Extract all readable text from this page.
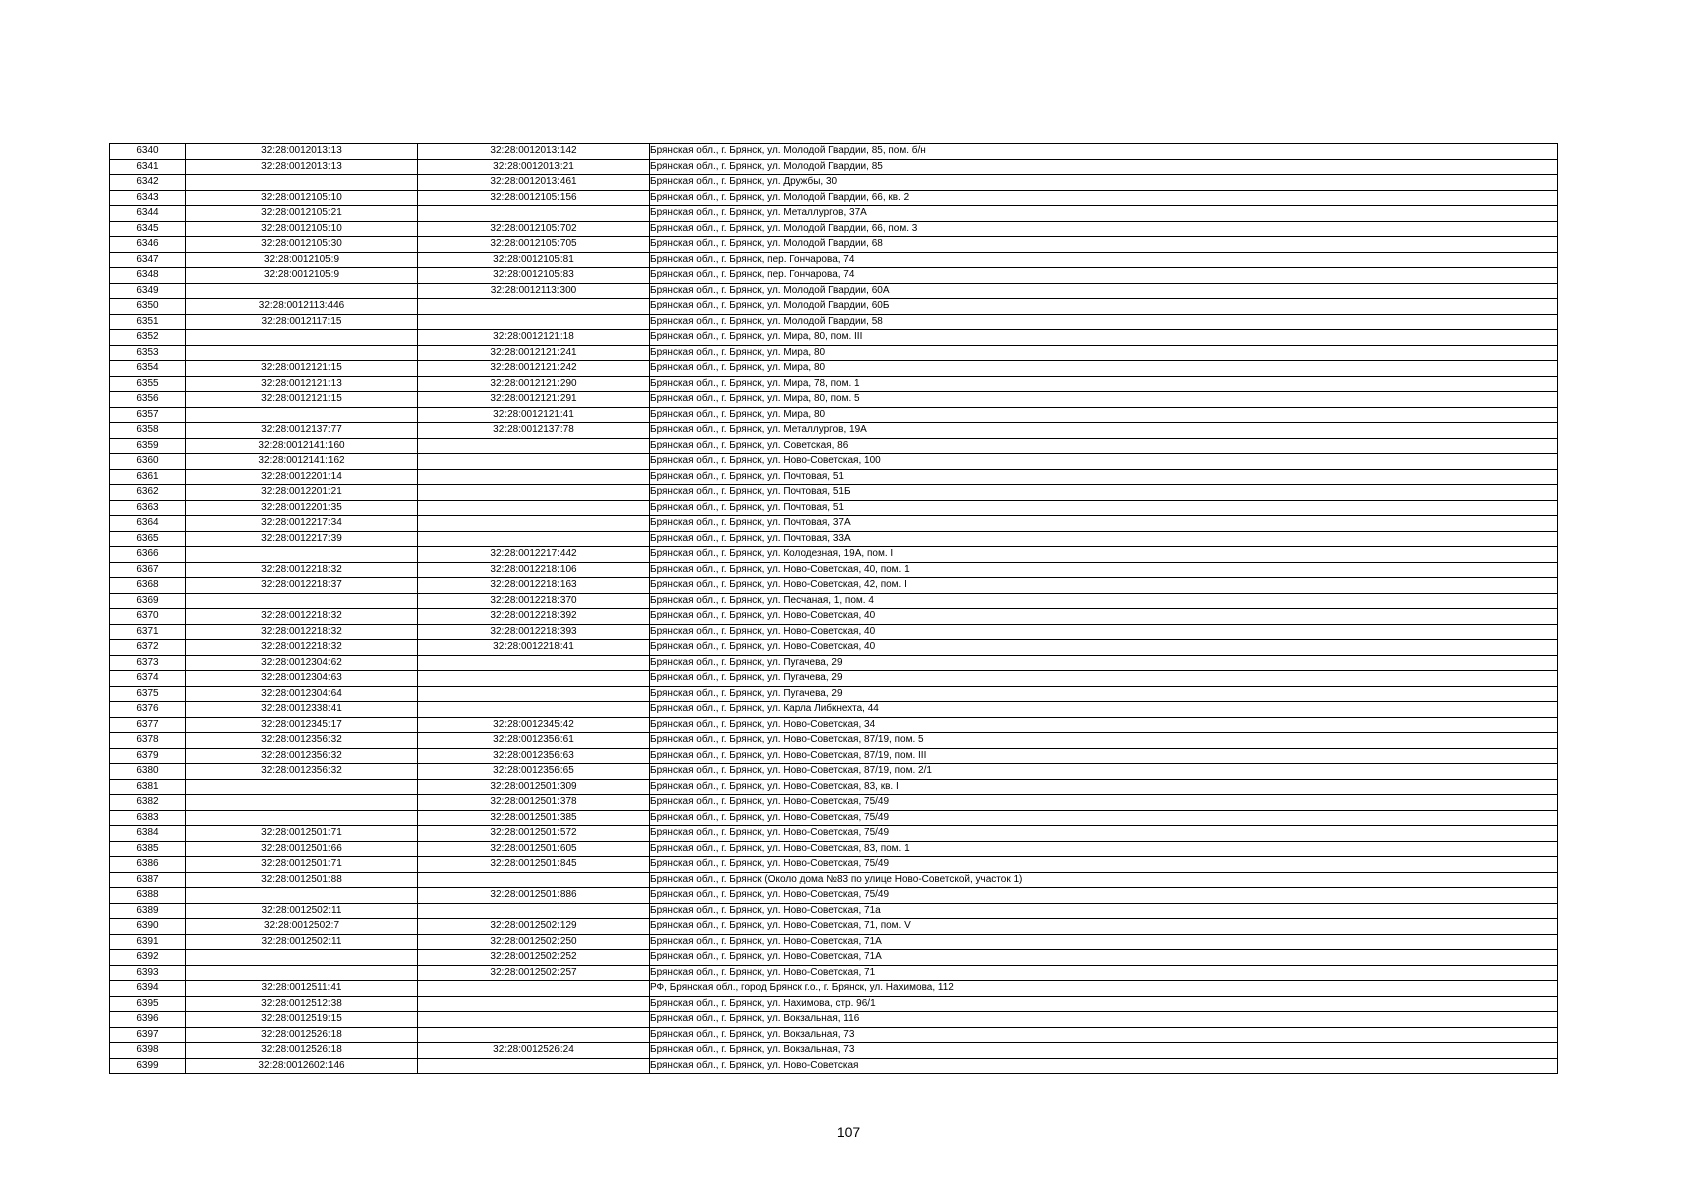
6340	32:28:0012013:13	32:28:0012013:142	Брянская обл., г. Брянск, ул. Молодой Гвардии, 85, пом. б/н
6341	32:28:0012013:13	32:28:0012013:21	Брянская обл., г. Брянск, ул. Молодой Гвардии, 85
6342		32:28:0012013:461	Брянская обл., г. Брянск, ул. Дружбы, 30
6343	32:28:0012105:10	32:28:0012105:156	Брянская обл., г. Брянск, ул. Молодой Гвардии, 66, кв. 2
6344	32:28:0012105:21		Брянская обл., г. Брянск, ул. Металлургов, 37А
6345	32:28:0012105:10	32:28:0012105:702	Брянская обл., г. Брянск, ул. Молодой Гвардии, 66, пом. 3
6346	32:28:0012105:30	32:28:0012105:705	Брянская обл., г. Брянск, ул. Молодой Гвардии, 68
6347	32:28:0012105:9	32:28:0012105:81	Брянская обл., г. Брянск, пер. Гончарова, 74
6348	32:28:0012105:9	32:28:0012105:83	Брянская обл., г. Брянск, пер. Гончарова, 74
6349		32:28:0012113:300	Брянская обл., г. Брянск, ул. Молодой Гвардии, 60А
6350	32:28:0012113:446		Брянская обл., г. Брянск, ул. Молодой Гвардии, 60Б
6351	32:28:0012117:15		Брянская обл., г. Брянск, ул. Молодой Гвардии, 58
6352		32:28:0012121:18	Брянская обл., г. Брянск, ул. Мира, 80, пом. III
6353		32:28:0012121:241	Брянская обл., г. Брянск, ул. Мира, 80
6354	32:28:0012121:15	32:28:0012121:242	Брянская обл., г. Брянск, ул. Мира, 80
6355	32:28:0012121:13	32:28:0012121:290	Брянская обл., г. Брянск, ул. Мира, 78, пом. 1
6356	32:28:0012121:15	32:28:0012121:291	Брянская обл., г. Брянск, ул. Мира, 80, пом. 5
6357		32:28:0012121:41	Брянская обл., г. Брянск, ул. Мира, 80
6358	32:28:0012137:77	32:28:0012137:78	Брянская обл., г. Брянск, ул. Металлургов, 19А
6359	32:28:0012141:160		Брянская обл., г. Брянск, ул. Советская, 86
6360	32:28:0012141:162		Брянская обл., г. Брянск, ул. Ново-Советская, 100
6361	32:28:0012201:14		Брянская обл., г. Брянск, ул. Почтовая, 51
6362	32:28:0012201:21		Брянская обл., г. Брянск, ул. Почтовая, 51Б
6363	32:28:0012201:35		Брянская обл., г. Брянск, ул. Почтовая, 51
6364	32:28:0012217:34		Брянская обл., г. Брянск, ул. Почтовая, 37А
6365	32:28:0012217:39		Брянская обл., г. Брянск, ул. Почтовая, 33А
6366		32:28:0012217:442	Брянская обл., г. Брянск, ул. Колодезная, 19А, пом. I
6367	32:28:0012218:32	32:28:0012218:106	Брянская обл., г. Брянск, ул. Ново-Советская, 40, пом. 1
6368	32:28:0012218:37	32:28:0012218:163	Брянская обл., г. Брянск, ул. Ново-Советская, 42, пом. I
6369		32:28:0012218:370	Брянская обл., г. Брянск, ул. Песчаная, 1, пом. 4
6370	32:28:0012218:32	32:28:0012218:392	Брянская обл., г. Брянск, ул. Ново-Советская, 40
6371	32:28:0012218:32	32:28:0012218:393	Брянская обл., г. Брянск, ул. Ново-Советская, 40
6372	32:28:0012218:32	32:28:0012218:41	Брянская обл., г. Брянск, ул. Ново-Советская, 40
6373	32:28:0012304:62		Брянская обл., г. Брянск, ул. Пугачева, 29
6374	32:28:0012304:63		Брянская обл., г. Брянск, ул. Пугачева, 29
6375	32:28:0012304:64		Брянская обл., г. Брянск, ул. Пугачева, 29
6376	32:28:0012338:41		Брянская обл., г. Брянск, ул. Карла Либкнехта, 44
6377	32:28:0012345:17	32:28:0012345:42	Брянская обл., г. Брянск, ул. Ново-Советская, 34
6378	32:28:0012356:32	32:28:0012356:61	Брянская обл., г. Брянск, ул. Ново-Советская, 87/19, пом. 5
6379	32:28:0012356:32	32:28:0012356:63	Брянская обл., г. Брянск, ул. Ново-Советская, 87/19, пом. III
6380	32:28:0012356:32	32:28:0012356:65	Брянская обл., г. Брянск, ул. Ново-Советская, 87/19, пом. 2/1
6381		32:28:0012501:309	Брянская обл., г. Брянск, ул. Ново-Советская, 83, кв. I
6382		32:28:0012501:378	Брянская обл., г. Брянск, ул. Ново-Советская, 75/49
6383		32:28:0012501:385	Брянская обл., г. Брянск, ул. Ново-Советская, 75/49
6384	32:28:0012501:71	32:28:0012501:572	Брянская обл., г. Брянск, ул. Ново-Советская, 75/49
6385	32:28:0012501:66	32:28:0012501:605	Брянская обл., г. Брянск, ул. Ново-Советская, 83, пом. 1
6386	32:28:0012501:71	32:28:0012501:845	Брянская обл., г. Брянск, ул. Ново-Советская, 75/49
6387	32:28:0012501:88		Брянская обл., г. Брянск (Около дома №83 по улице Ново-Советской, участок 1)
6388		32:28:0012501:886	Брянская обл., г. Брянск, ул. Ново-Советская, 75/49
6389	32:28:0012502:11		Брянская обл., г. Брянск, ул. Ново-Советская, 71а
6390	32:28:0012502:7	32:28:0012502:129	Брянская обл., г. Брянск, ул. Ново-Советская, 71, пом. V
6391	32:28:0012502:11	32:28:0012502:250	Брянская обл., г. Брянск, ул. Ново-Советская, 71А
6392		32:28:0012502:252	Брянская обл., г. Брянск, ул. Ново-Советская, 71А
6393		32:28:0012502:257	Брянская обл., г. Брянск, ул. Ново-Советская, 71
6394	32:28:0012511:41		РФ, Брянская обл., город Брянск г.о., г. Брянск, ул. Нахимова, 112
6395	32:28:0012512:38		Брянская обл., г. Брянск, ул. Нахимова, стр. 96/1
6396	32:28:0012519:15		Брянская обл., г. Брянск, ул. Вокзальная, 116
6397	32:28:0012526:18		Брянская обл., г. Брянск, ул. Вокзальная, 73
6398	32:28:0012526:18	32:28:0012526:24	Брянская обл., г. Брянск, ул. Вокзальная, 73
6399	32:28:0012602:146		Брянская обл., г. Брянск, ул. Ново-Советская
107
